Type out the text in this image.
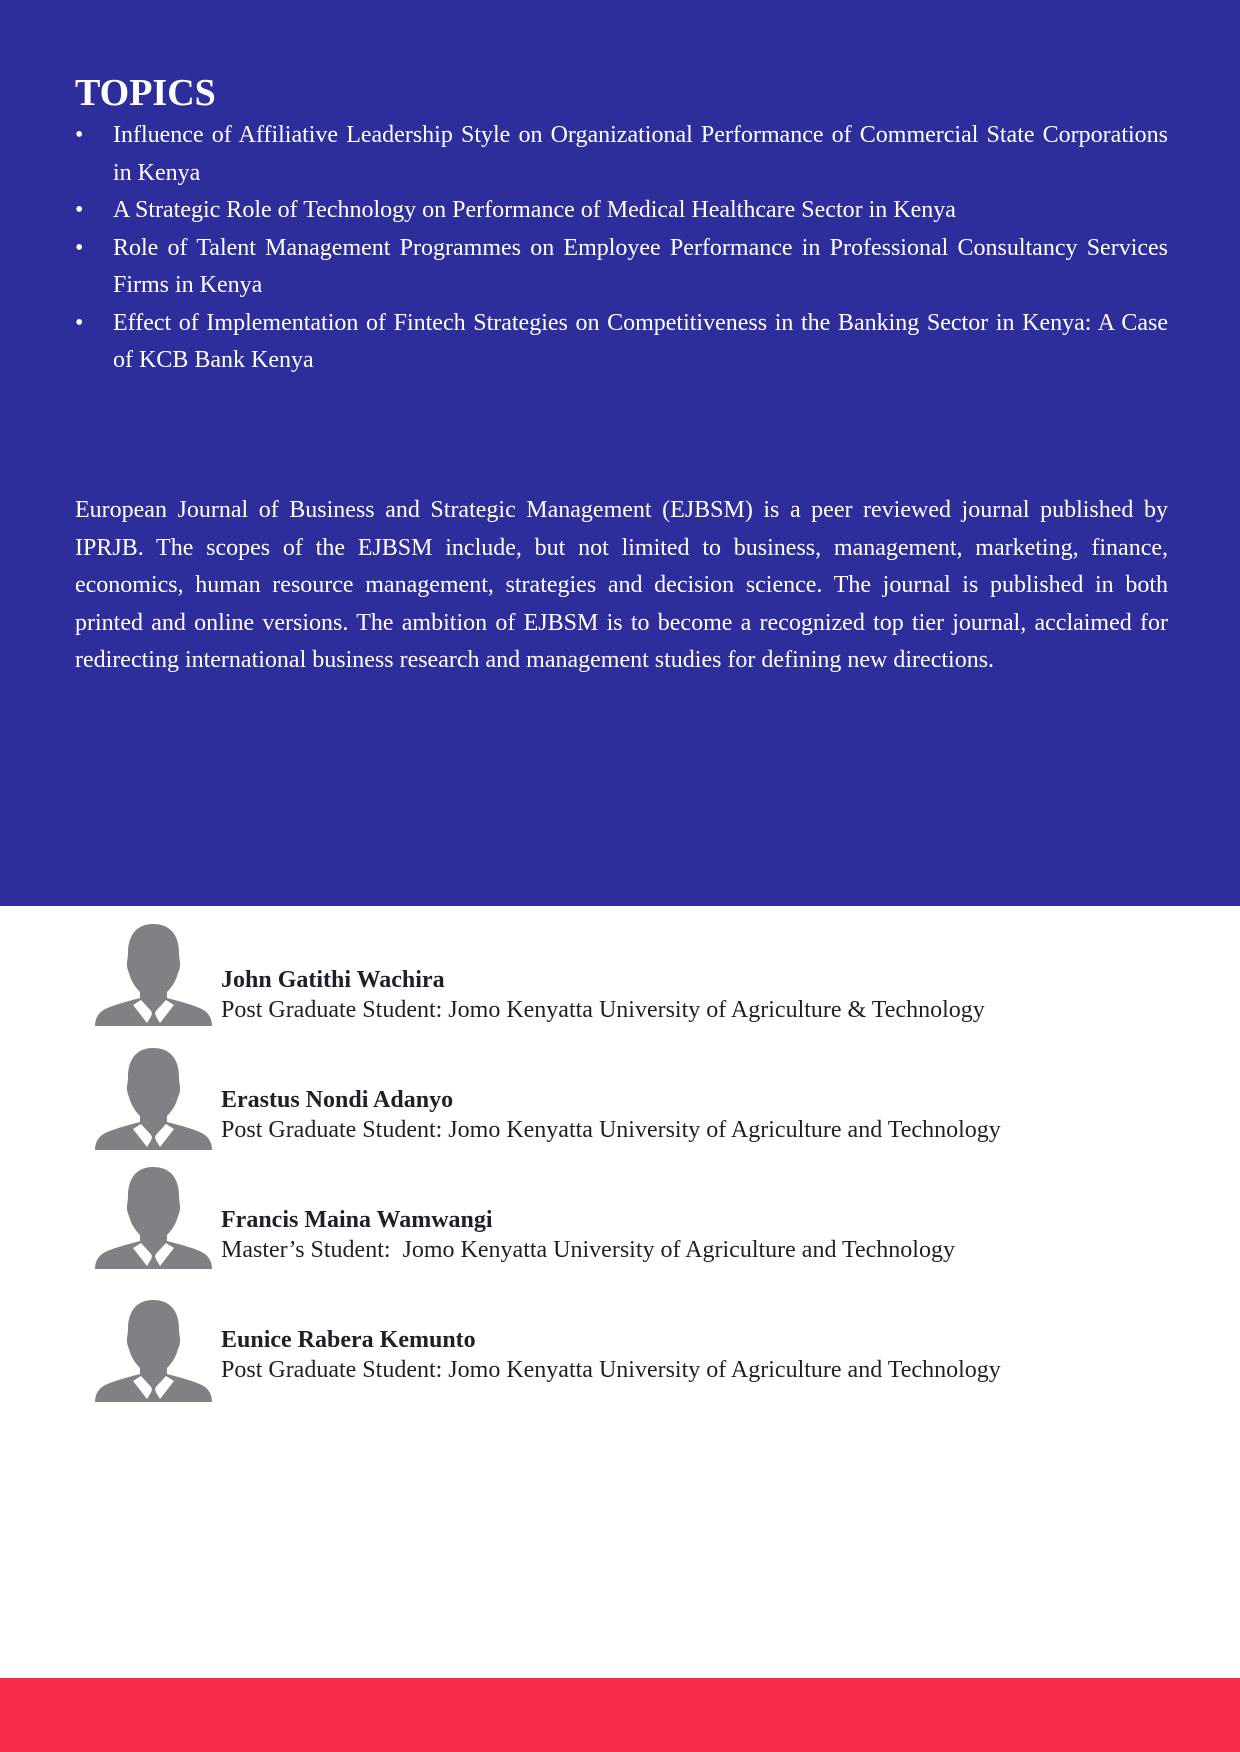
TOPICS
• Influence of Affiliative Leadership Style on Organizational Performance of Commercial State Corporations in Kenya
• A Strategic Role of Technology on Performance of Medical Healthcare Sector in Kenya
• Role of Talent Management Programmes on Employee Performance in Professional Consultancy Services Firms in Kenya
• Effect of Implementation of Fintech Strategies on Competitiveness in the Banking Sector in Kenya: A Case of KCB Bank Kenya

European Journal of Business and Strategic Management (EJBSM) is a peer reviewed journal published by IPRJB. The scopes of the EJBSM include, but not limited to business, management, marketing, finance, economics, human resource management, strategies and decision science. The journal is published in both printed and online versions. The ambition of EJBSM is to become a recognized top tier journal, acclaimed for redirecting international business research and management studies for defining new directions.

John Gatithi Wachira

Post Graduate Student: Jomo Kenyatta University of Agriculture & Technology

Erastus Nondi Adanyo

Post Graduate Student: Jomo Kenyatta University of Agriculture and Technology

Francis Maina Wamwangi

Master’s Student:  Jomo Kenyatta University of Agriculture and Technology

Eunice Rabera Kemunto

Post Graduate Student: Jomo Kenyatta University of Agriculture and Technology
